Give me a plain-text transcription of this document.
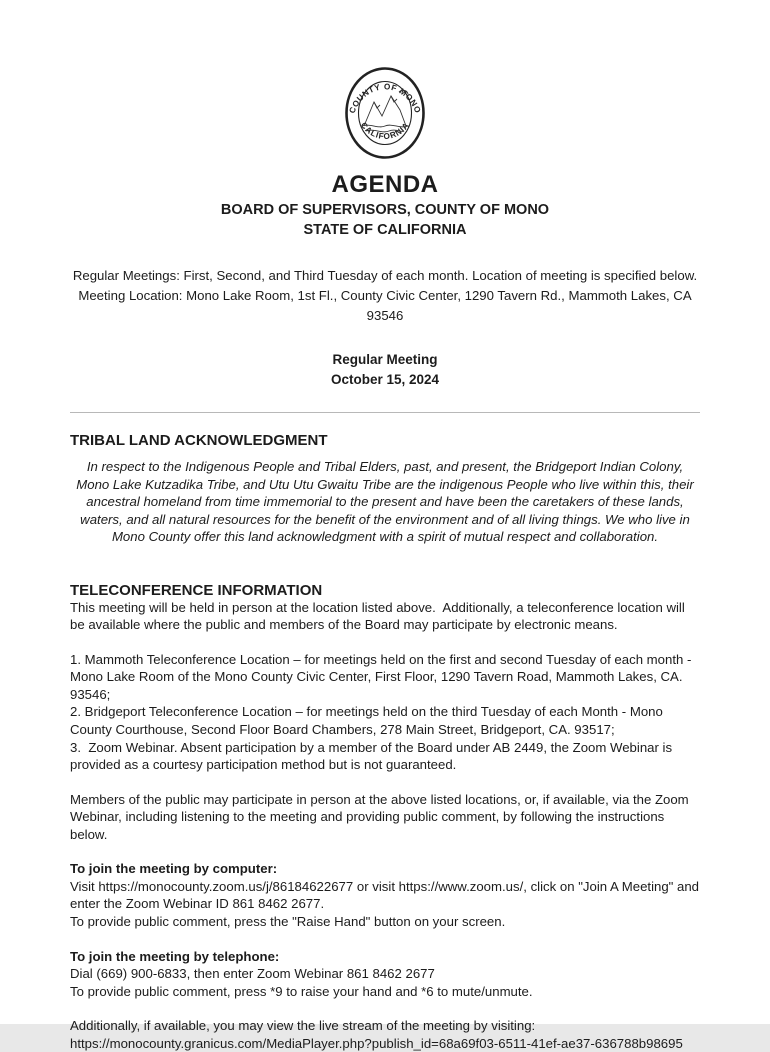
COUNTY OF MONO
CALIFORNIA
AGENDA
BOARD OF SUPERVISORS, COUNTY OF MONO
STATE OF CALIFORNIA

Regular Meetings: First, Second, and Third Tuesday of each month. Location of meeting is specified below. Meeting Location: Mono Lake Room, 1st Fl., County Civic Center, 1290 Tavern Rd., Mammoth Lakes, CA 93546

Regular Meeting
October 15, 2024
TRIBAL LAND ACKNOWLEDGMENT

In respect to the Indigenous People and Tribal Elders, past, and present, the Bridgeport Indian Colony, Mono Lake Kutzadika Tribe, and Utu Utu Gwaitu Tribe are the indigenous People who live within this, their ancestral homeland from time immemorial to the present and have been the caretakers of these lands, waters, and all natural resources for the benefit of the environment and of all living things. We who live in Mono County offer this land acknowledgment with a spirit of mutual respect and collaboration.

TELECONFERENCE INFORMATION

This meeting will be held in person at the location listed above.  Additionally, a teleconference location will be available where the public and members of the Board may participate by electronic means.

1. Mammoth Teleconference Location – for meetings held on the first and second Tuesday of each month - Mono Lake Room of the Mono County Civic Center, First Floor, 1290 Tavern Road, Mammoth Lakes, CA. 93546;

2. Bridgeport Teleconference Location – for meetings held on the third Tuesday of each Month - Mono County Courthouse, Second Floor Board Chambers, 278 Main Street, Bridgeport, CA. 93517;

3.  Zoom Webinar. Absent participation by a member of the Board under AB 2449, the Zoom Webinar is provided as a courtesy participation method but is not guaranteed.

Members of the public may participate in person at the above listed locations, or, if available, via the Zoom Webinar, including listening to the meeting and providing public comment, by following the instructions below.

To join the meeting by computer:

Visit https://monocounty.zoom.us/j/86184622677 or visit https://www.zoom.us/, click on "Join A Meeting" and enter the Zoom Webinar ID 861 8462 2677.

To provide public comment, press the "Raise Hand" button on your screen.

To join the meeting by telephone:

Dial (669) 900-6833, then enter Zoom Webinar 861 8462 2677

To provide public comment, press *9 to raise your hand and *6 to mute/unmute.

Additionally, if available, you may view the live stream of the meeting by visiting:

https://monocounty.granicus.com/MediaPlayer.php?publish_id=68a69f03-6511-41ef-ae37-636788b98695
